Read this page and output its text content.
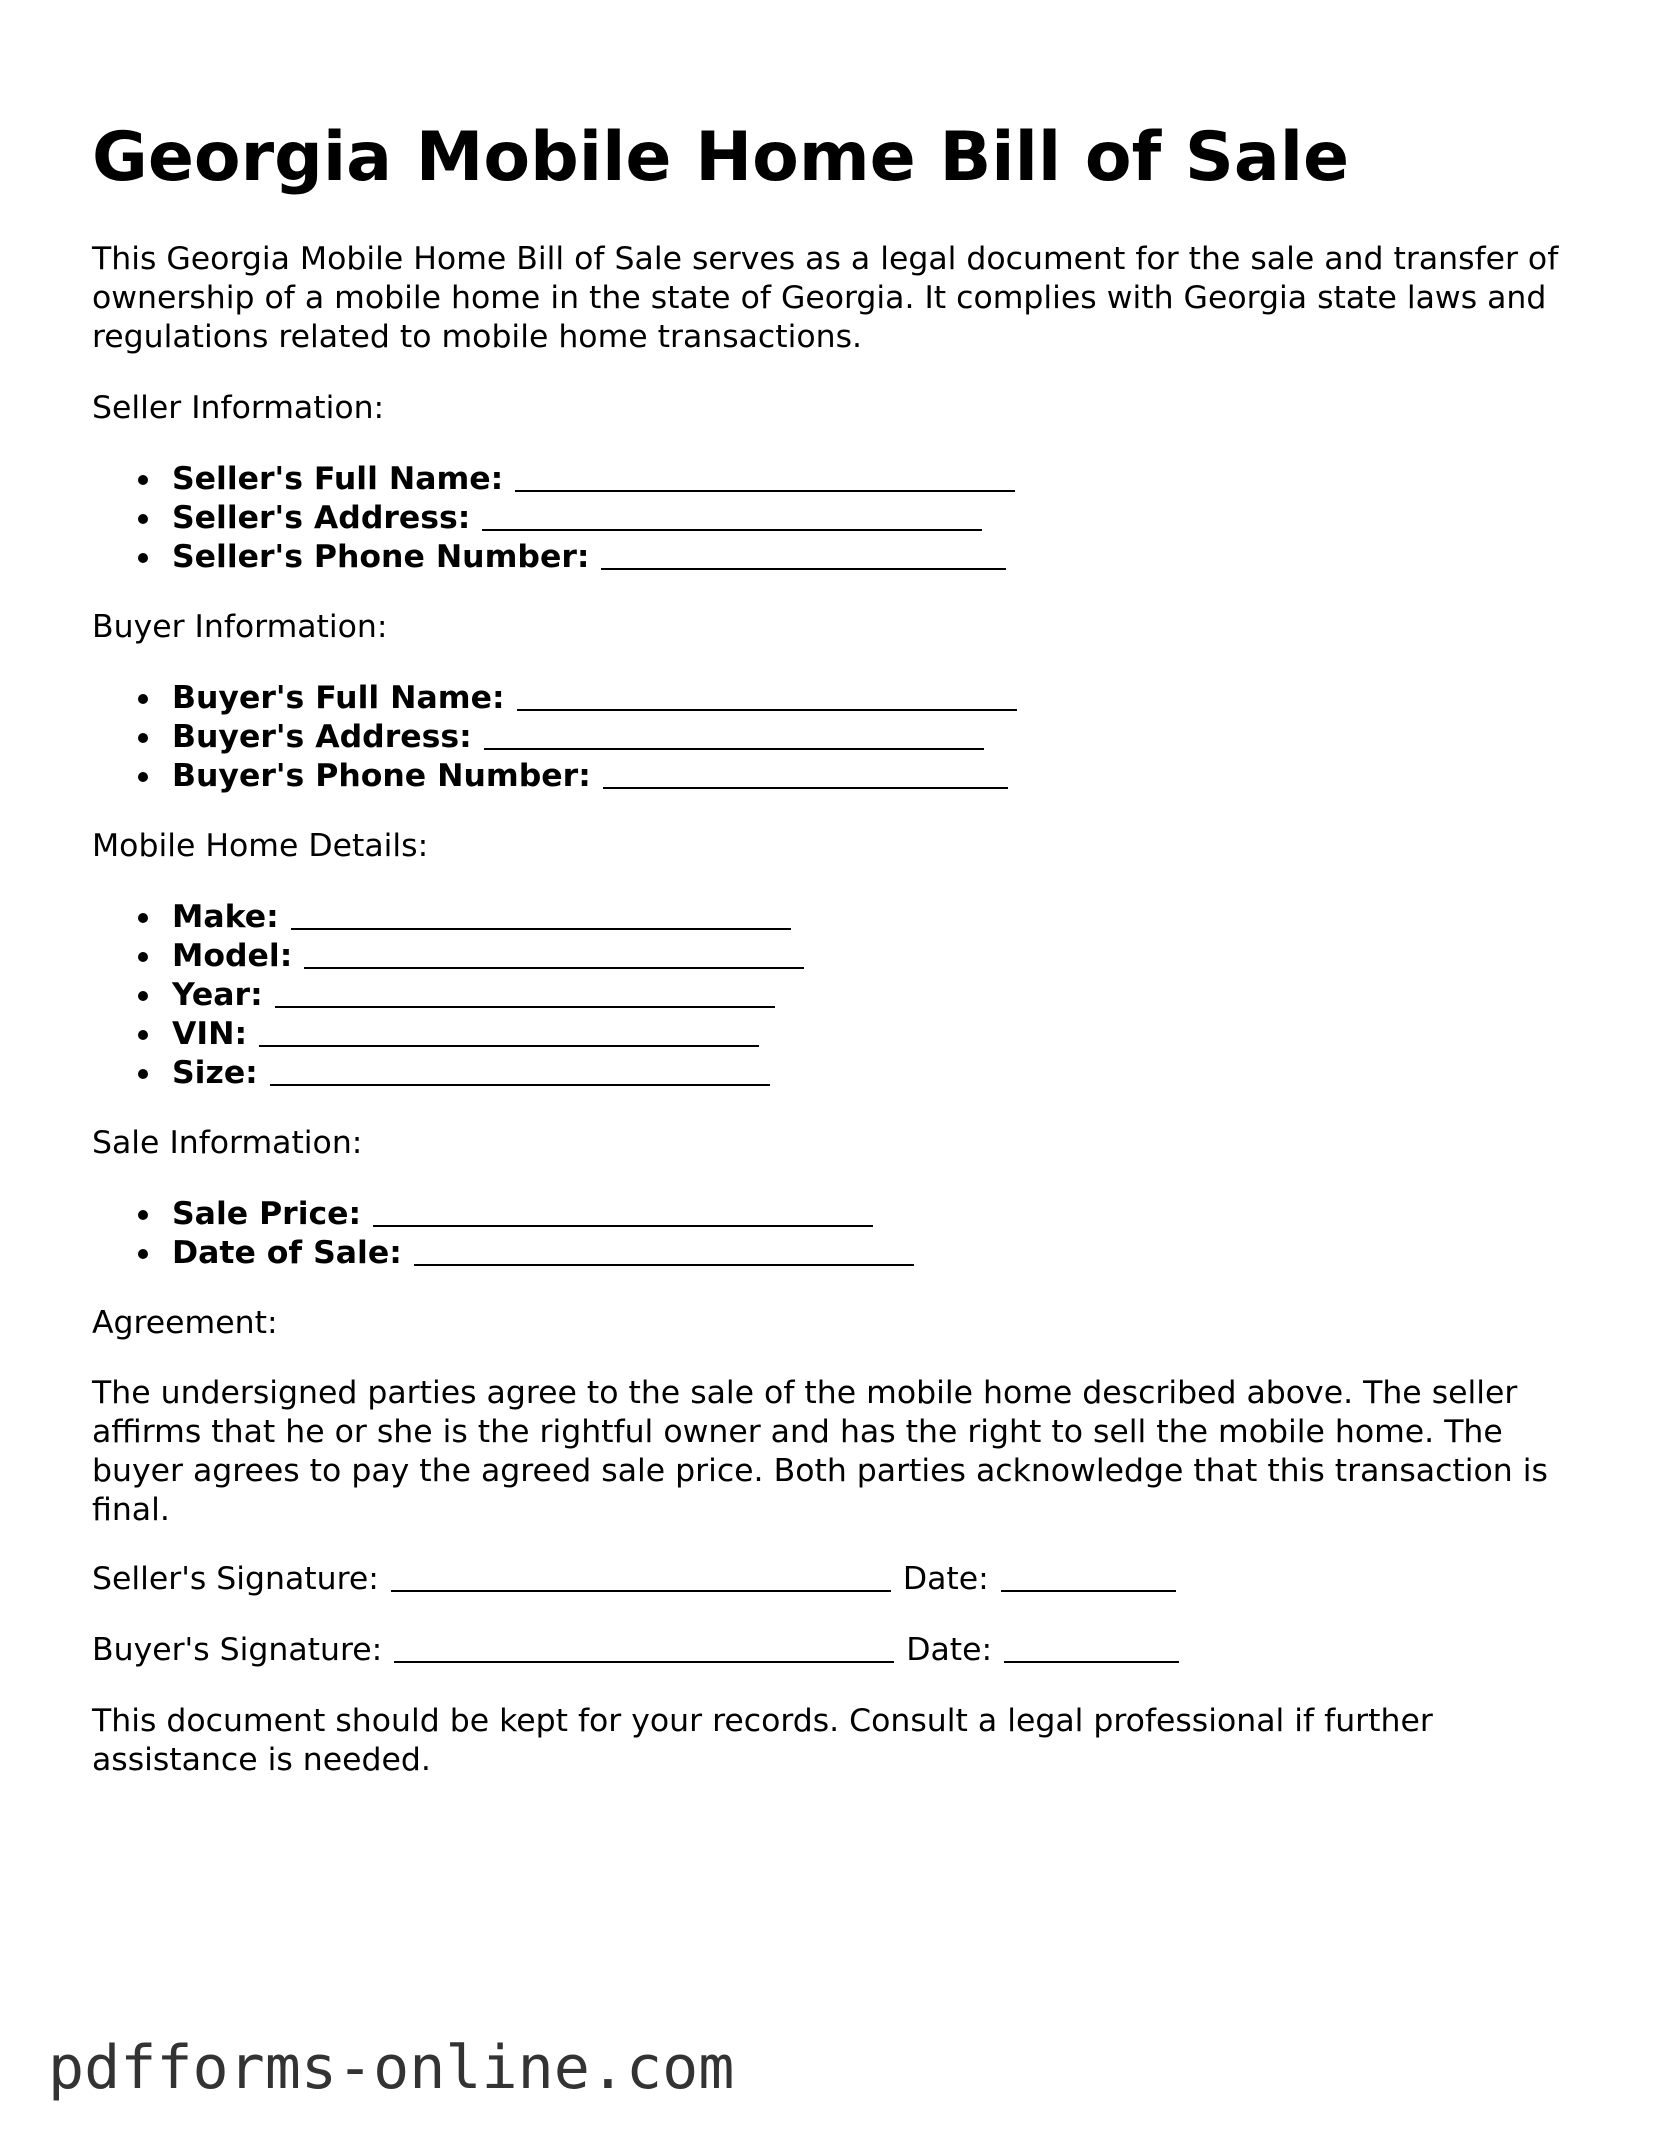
Georgia Mobile Home Bill of Sale

This Georgia Mobile Home Bill of Sale serves as a legal document for the sale and transfer of ownership of a mobile home in the state of Georgia. It complies with Georgia state laws and regulations related to mobile home transactions.

Seller Information:

Seller's Full Name:
Seller's Address:
Seller's Phone Number:

Buyer Information:

Buyer's Full Name:
Buyer's Address:
Buyer's Phone Number:

Mobile Home Details:

Make:
Model:
Year:
VIN:
Size:

Sale Information:

Sale Price:
Date of Sale:

Agreement:

The undersigned parties agree to the sale of the mobile home described above. The seller affirms that he or she is the rightful owner and has the right to sell the mobile home. The buyer agrees to pay the agreed sale price. Both parties acknowledge that this transaction is final.

Seller's Signature:	Date:

Buyer's Signature:	Date:

This document should be kept for your records. Consult a legal professional if further assistance is needed.

pdfforms-online.com
